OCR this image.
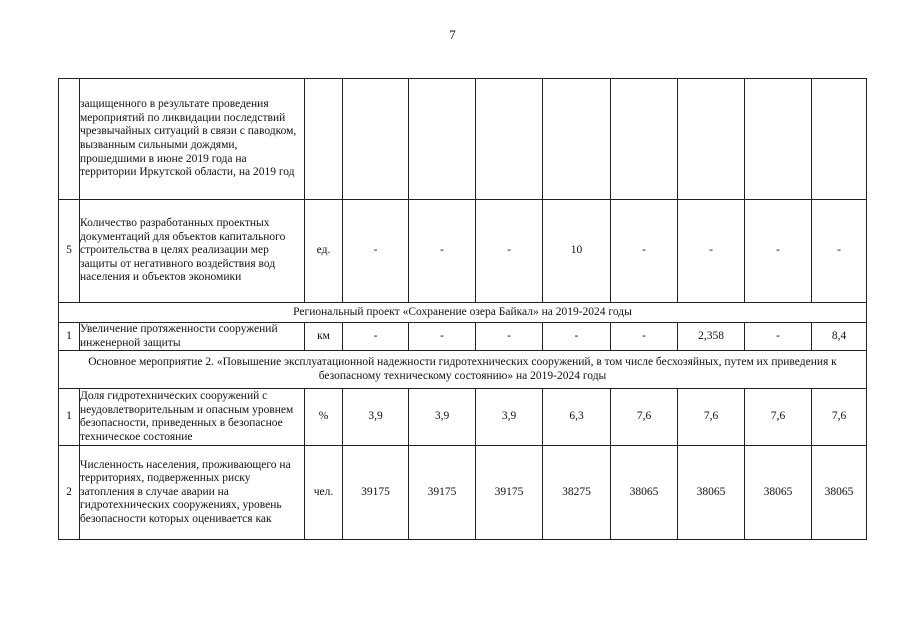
7
	защищенного в результате проведения мероприятий по ликвидации последствий чрезвычайных ситуаций в связи с паводком, вызванным сильными дождями, прошедшими в июне 2019 года на территории Иркутской области, на 2019 год									
5	Количество разработанных проектных документаций для объектов капитального строительства в целях реализации мер защиты от негативного воздействия вод населения и объектов экономики	ед.	-	-	-	10	-	-	-	-
Региональный проект «Сохранение озера Байкал» на 2019-2024 годы										
1	Увеличение протяженности сооружений инженерной защиты	км	-	-	-	-	-	2,358	-	8,4
Основное мероприятие 2. «Повышение эксплуатационной надежности гидротехнических сооружений, в том числе бесхозяйных, путем их приведения к безопасному техническому состоянию» на 2019-2024 годы										
1	Доля гидротехнических сооружений с неудовлетворительным и опасным уровнем безопасности, приведенных в безопасное техническое состояние	%	3,9	3,9	3,9	6,3	7,6	7,6	7,6	7,6
2	Численность населения, проживающего на территориях, подверженных риску затопления в случае аварии на гидротехнических сооружениях, уровень безопасности которых оценивается как	чел.	39175	39175	39175	38275	38065	38065	38065	38065
